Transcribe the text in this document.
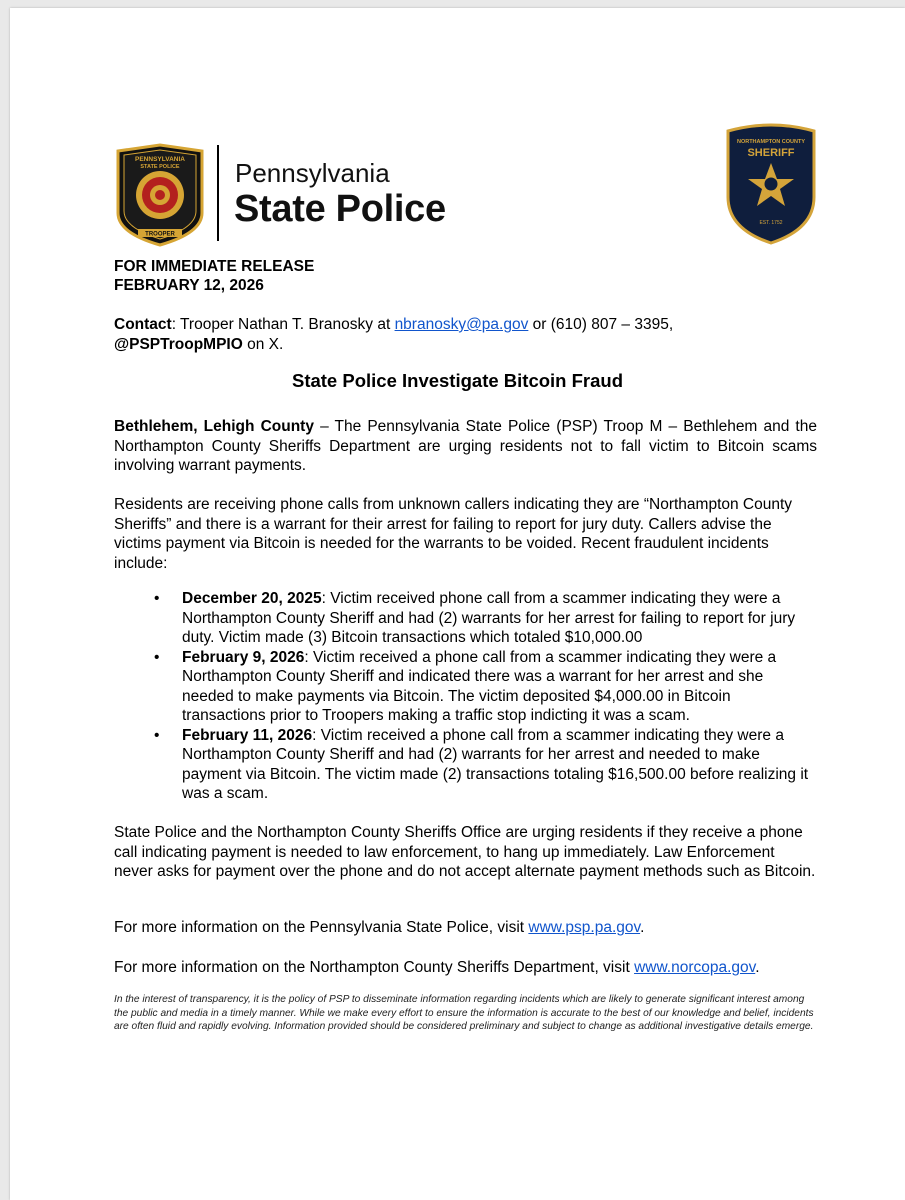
PENNSYLVANIA
STATE POLICE
TROOPER
Pennsylvania
State Police
NORTHAMPTON COUNTY
SHERIFF
EST. 1752
FOR IMMEDIATE RELEASE
FEBRUARY 12, 2026
Contact: Trooper Nathan T. Branosky at nbranosky@pa.gov or (610) 807 – 3395,
@PSPTroopMPIO on X.
State Police Investigate Bitcoin Fraud
Bethlehem, Lehigh County – The Pennsylvania State Police (PSP) Troop M – Bethlehem and the Northampton County Sheriffs Department are urging residents not to fall victim to Bitcoin scams involving warrant payments.
Residents are receiving phone calls from unknown callers indicating they are “Northampton County Sheriffs” and there is a warrant for their arrest for failing to report for jury duty. Callers advise the victims payment via Bitcoin is needed for the warrants to be voided. Recent fraudulent incidents include:
• December 20, 2025: Victim received phone call from a scammer indicating they were a Northampton County Sheriff and had (2) warrants for her arrest for failing to report for jury duty. Victim made (3) Bitcoin transactions which totaled $10,000.00
• February 9, 2026: Victim received a phone call from a scammer indicating they were a Northampton County Sheriff and indicated there was a warrant for her arrest and she needed to make payments via Bitcoin. The victim deposited $4,000.00 in Bitcoin transactions prior to Troopers making a traffic stop indicting it was a scam.
• February 11, 2026: Victim received a phone call from a scammer indicating they were a Northampton County Sheriff and had (2) warrants for her arrest and needed to make payment via Bitcoin. The victim made (2) transactions totaling $16,500.00 before realizing it was a scam.
State Police and the Northampton County Sheriffs Office are urging residents if they receive a phone call indicating payment is needed to law enforcement, to hang up immediately. Law Enforcement never asks for payment over the phone and do not accept alternate payment methods such as Bitcoin.
For more information on the Pennsylvania State Police, visit www.psp.pa.gov.
For more information on the Northampton County Sheriffs Department, visit www.norcopa.gov.
In the interest of transparency, it is the policy of PSP to disseminate information regarding incidents which are likely to generate significant interest among the public and media in a timely manner. While we make every effort to ensure the information is accurate to the best of our knowledge and belief, incidents are often fluid and rapidly evolving. Information provided should be considered preliminary and subject to change as additional investigative details emerge.
